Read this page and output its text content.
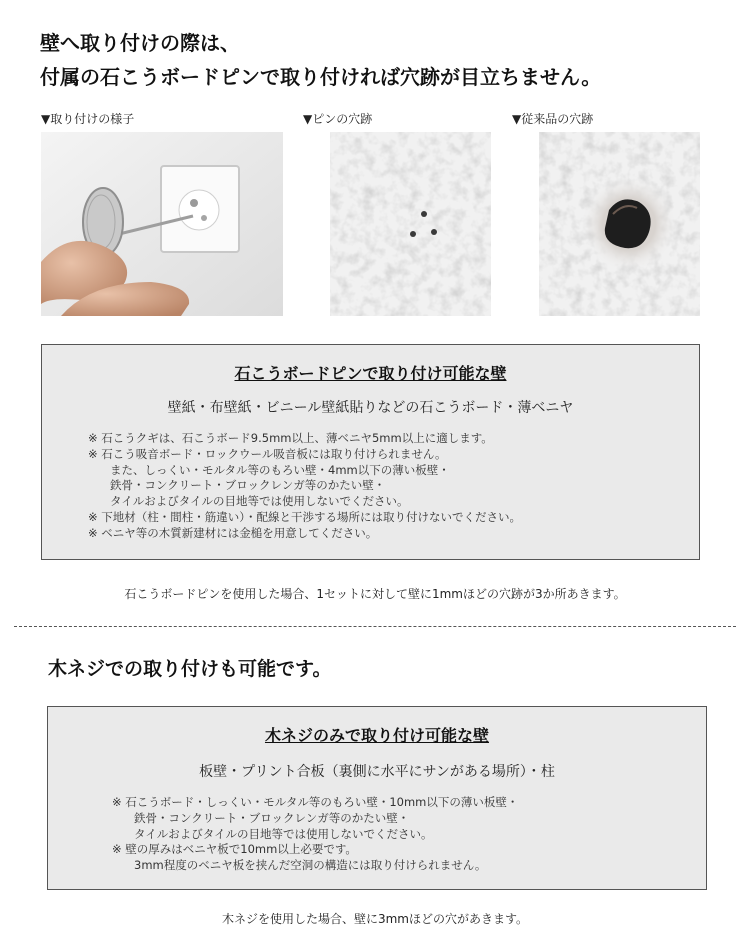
壁へ取り付けの際は、
付属の石こうボードピンで取り付ければ穴跡が目立ちません。
▼取り付けの様子	▼ピンの穴跡	▼従来品の穴跡
石こうボードピンで取り付け可能な壁
壁紙・布壁紙・ビニール壁紙貼りなどの石こうボード・薄ベニヤ
※ 石こうクギは、石こうボード9.5mm以上、薄ベニヤ5mm以上に適します。
※ 石こう吸音ボード・ロックウール吸音板には取り付けられません。
また、しっくい・モルタル等のもろい壁・4mm以下の薄い板壁・
鉄骨・コンクリート・ブロックレンガ等のかたい壁・
タイルおよびタイルの目地等では使用しないでください。
※ 下地材（柱・間柱・筋違い）・配線と干渉する場所には取り付けないでください。
※ ベニヤ等の木質新建材には金槌を用意してください。
石こうボードピンを使用した場合、1セットに対して壁に1mmほどの穴跡が3か所あきます。
木ネジでの取り付けも可能です。
木ネジのみで取り付け可能な壁
板壁・プリント合板（裏側に水平にサンがある場所）・柱
※ 石こうボード・しっくい・モルタル等のもろい壁・10mm以下の薄い板壁・
鉄骨・コンクリート・ブロックレンガ等のかたい壁・
タイルおよびタイルの目地等では使用しないでください。
※ 壁の厚みはベニヤ板で10mm以上必要です。
3mm程度のベニヤ板を挟んだ空洞の構造には取り付けられません。
木ネジを使用した場合、壁に3mmほどの穴があきます。
